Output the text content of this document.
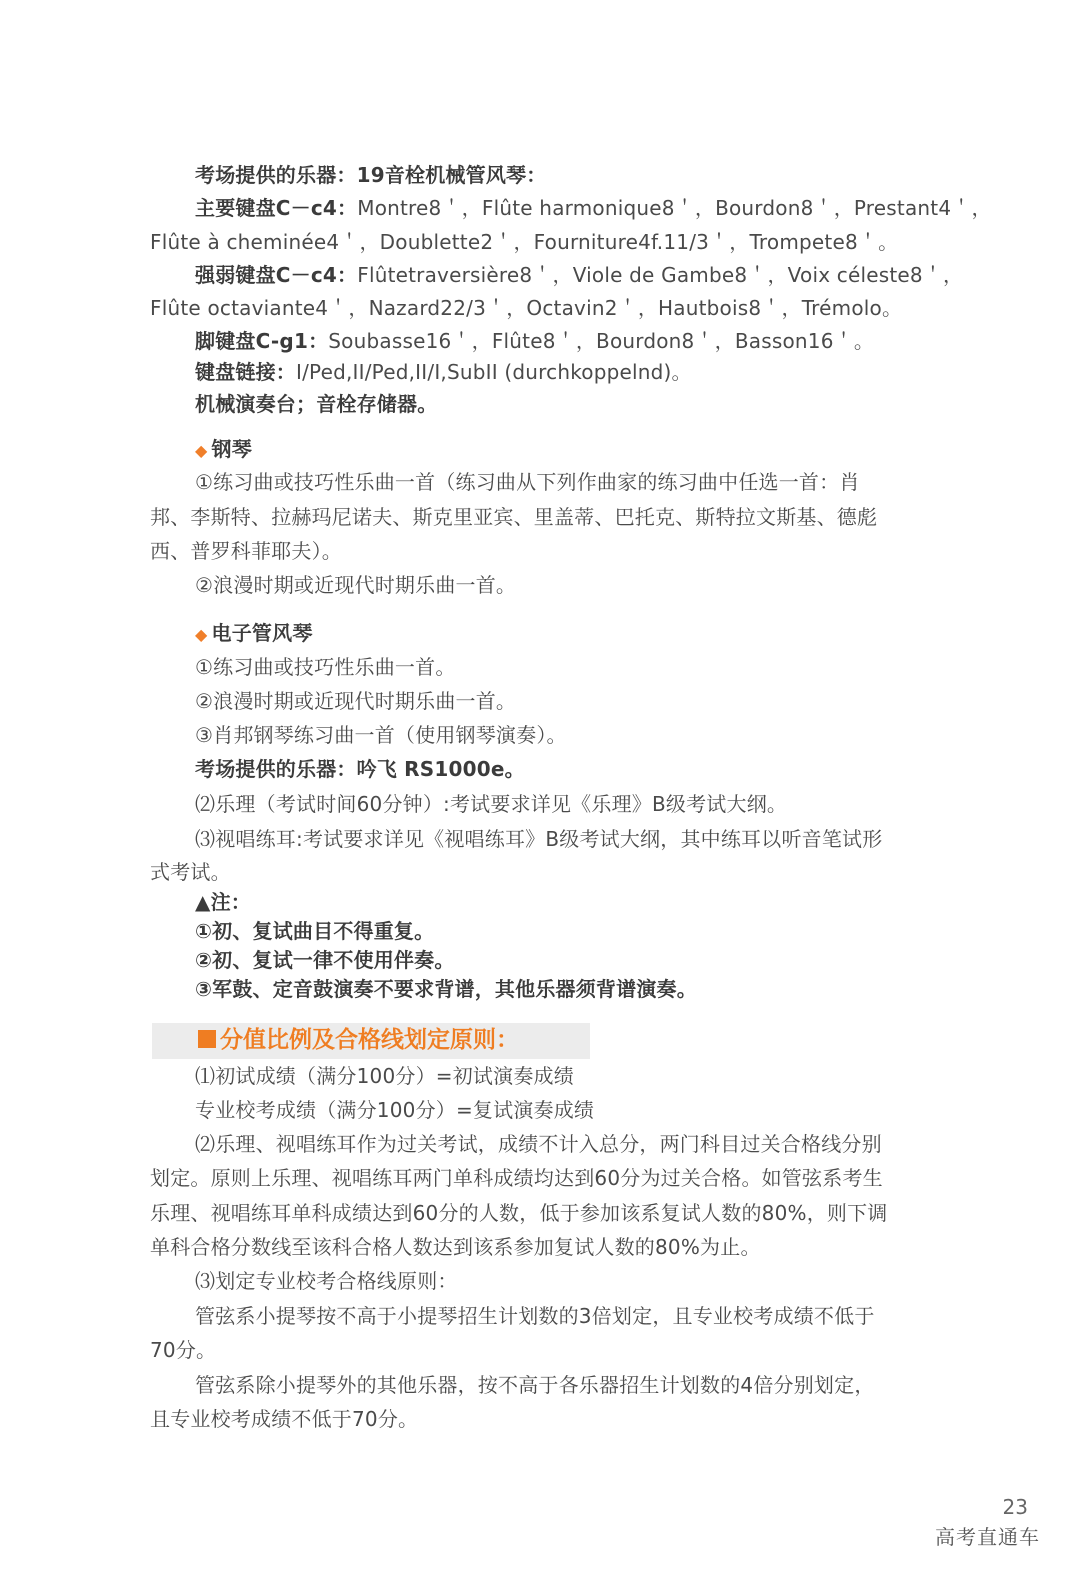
考场提供的乐器：19音栓机械管风琴：
主要键盘C－c4：Montre8＇，Flûte harmonique8＇，Bourdon8＇，Prestant4＇，
Flûte à cheminée4＇，Doublette2＇，Fourniture4f.11/3＇，Trompete8＇。
强弱键盘C－c4：Flûtetraversière8＇，Viole de Gambe8＇，Voix céleste8＇，
Flûte octaviante4＇，Nazard22/3＇，Octavin2＇，Hautbois8＇，Trémolo。
脚键盘C-g1：Soubasse16＇，Flûte8＇，Bourdon8＇，Basson16＇。
键盘链接：I/Ped,II/Ped,II/I,SubII (durchkoppelnd)。
机械演奏台；音栓存储器。
◆ 钢琴
①练习曲或技巧性乐曲一首（练习曲从下列作曲家的练习曲中任选一首：肖
邦、李斯特、拉赫玛尼诺夫、斯克里亚宾、里盖蒂、巴托克、斯特拉文斯基、德彪
西、普罗科菲耶夫）。
②浪漫时期或近现代时期乐曲一首。
◆ 电子管风琴
①练习曲或技巧性乐曲一首。
②浪漫时期或近现代时期乐曲一首。
③肖邦钢琴练习曲一首（使用钢琴演奏）。
考场提供的乐器：吟飞 RS1000e。
⑵乐理（考试时间60分钟）:考试要求详见《乐理》B级考试大纲。
⑶视唱练耳:考试要求详见《视唱练耳》B级考试大纲，其中练耳以听音笔试形
式考试。
▲注：
①初、复试曲目不得重复。
②初、复试一律不使用伴奏。
③军鼓、定音鼓演奏不要求背谱，其他乐器须背谱演奏。
分值比例及合格线划定原则：
⑴初试成绩（满分100分）=初试演奏成绩
专业校考成绩（满分100分）=复试演奏成绩
⑵乐理、视唱练耳作为过关考试，成绩不计入总分，两门科目过关合格线分别
划定。原则上乐理、视唱练耳两门单科成绩均达到60分为过关合格。如管弦系考生
乐理、视唱练耳单科成绩达到60分的人数，低于参加该系复试人数的80%，则下调
单科合格分数线至该科合格人数达到该系参加复试人数的80%为止。
⑶划定专业校考合格线原则：
管弦系小提琴按不高于小提琴招生计划数的3倍划定，且专业校考成绩不低于
70分。
管弦系除小提琴外的其他乐器，按不高于各乐器招生计划数的4倍分别划定，
且专业校考成绩不低于70分。
23
高考直通车
